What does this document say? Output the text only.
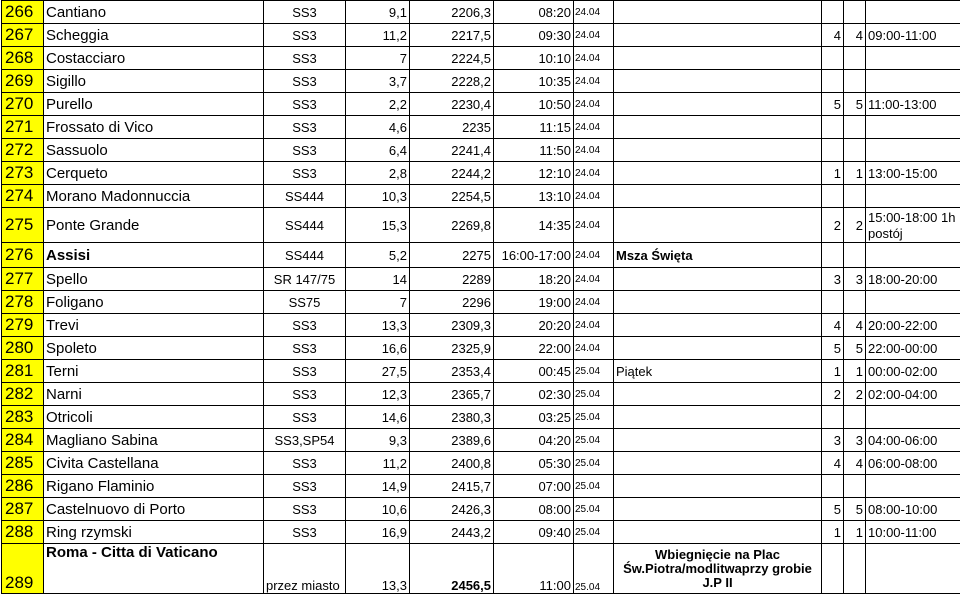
266	Cantiano	SS3	9,1	2206,3	08:20	24.04				
267	Scheggia	SS3	11,2	2217,5	09:30	24.04		4	4	09:00-11:00
268	Costacciaro	SS3	7	2224,5	10:10	24.04				
269	Sigillo	SS3	3,7	2228,2	10:35	24.04				
270	Purello	SS3	2,2	2230,4	10:50	24.04		5	5	11:00-13:00
271	Frossato di Vico	SS3	4,6	2235	11:15	24.04				
272	Sassuolo	SS3	6,4	2241,4	11:50	24.04				
273	Cerqueto	SS3	2,8	2244,2	12:10	24.04		1	1	13:00-15:00
274	Morano Madonnuccia	SS444	10,3	2254,5	13:10	24.04				
275	Ponte Grande	SS444	15,3	2269,8	14:35	24.04		2	2	15:00-18:00 1h postój
276	Assisi	SS444	5,2	2275	16:00-17:00	24.04	Msza Święta			
277	Spello	SR 147/75	14	2289	18:20	24.04		3	3	18:00-20:00
278	Foligano	SS75	7	2296	19:00	24.04				
279	Trevi	SS3	13,3	2309,3	20:20	24.04		4	4	20:00-22:00
280	Spoleto	SS3	16,6	2325,9	22:00	24.04		5	5	22:00-00:00
281	Terni	SS3	27,5	2353,4	00:45	25.04	Piątek	1	1	00:00-02:00
282	Narni	SS3	12,3	2365,7	02:30	25.04		2	2	02:00-04:00
283	Otricoli	SS3	14,6	2380,3	03:25	25.04				
284	Magliano Sabina	SS3,SP54	9,3	2389,6	04:20	25.04		3	3	04:00-06:00
285	Civita Castellana	SS3	11,2	2400,8	05:30	25.04		4	4	06:00-08:00
286	Rigano Flaminio	SS3	14,9	2415,7	07:00	25.04				
287	Castelnuovo di Porto	SS3	10,6	2426,3	08:00	25.04		5	5	08:00-10:00
288	Ring rzymski	SS3	16,9	2443,2	09:40	25.04		1	1	10:00-11:00
289	Roma - Citta di Vaticano	przez miasto	13,3	2456,5	11:00	25.04	Wbiegnięcie na Plac Św.Piotra/modlitwaprzy grobie J.P II			
